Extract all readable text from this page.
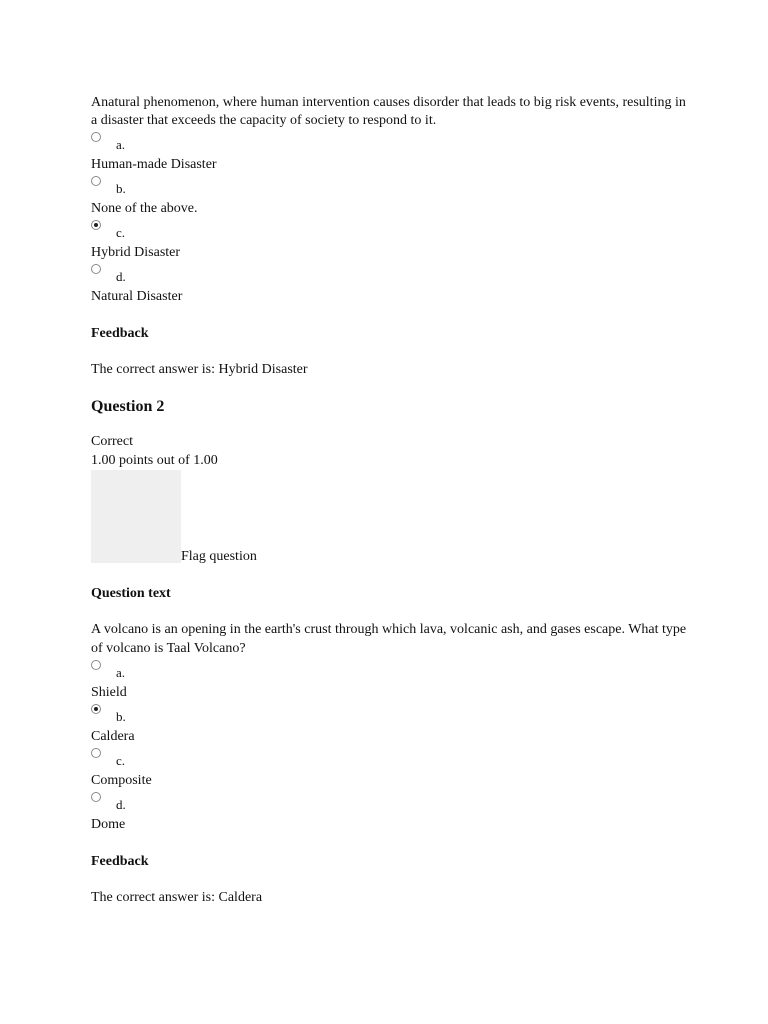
Anatural phenomenon, where human intervention causes disorder that leads to big risk events, resulting in a disaster that exceeds the capacity of society to respond to it.

a.
Human-made Disaster
b.
None of the above.
c.
Hybrid Disaster
d.
Natural Disaster
Feedback
The correct answer is: Hybrid Disaster
Question 2
Correct
1.00 points out of 1.00
Flag question
Question text

A volcano is an opening in the earth's crust through which lava, volcanic ash, and gases escape. What type of volcano is Taal Volcano?

a.
Shield
b.
Caldera
c.
Composite
d.
Dome
Feedback
The correct answer is: Caldera
